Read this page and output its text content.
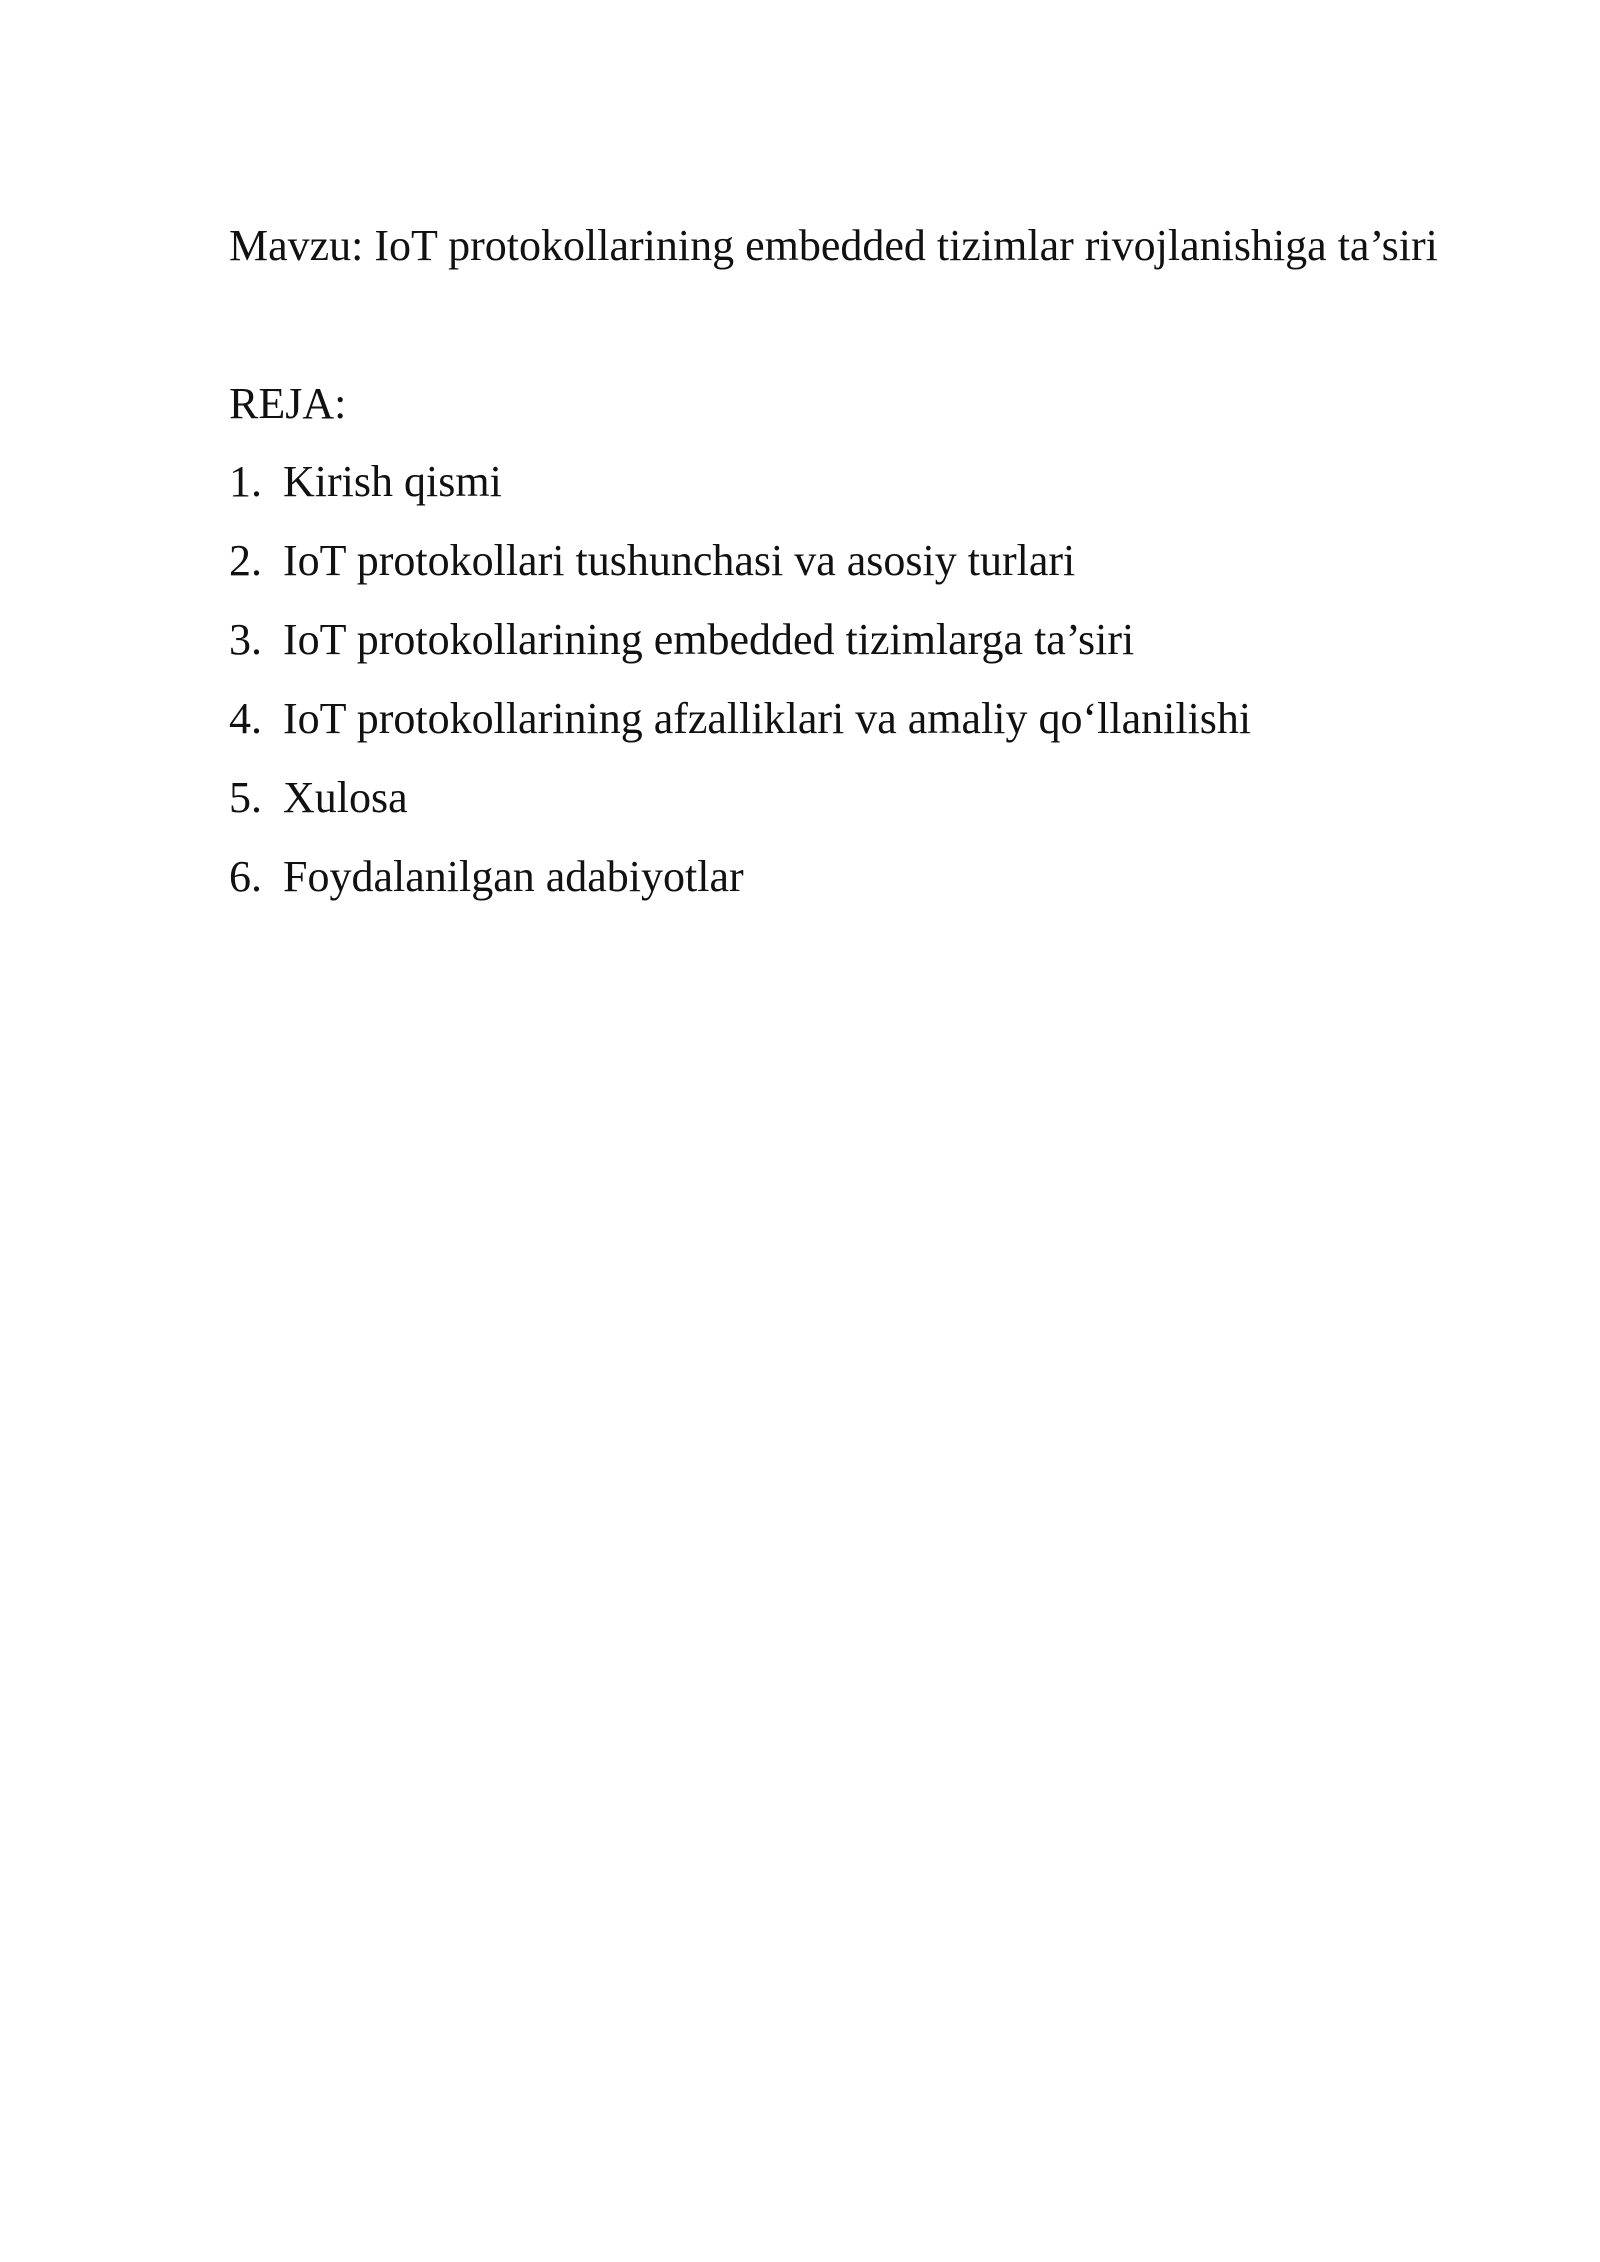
Mavzu: IoT protokollarining embedded tizimlar rivojlanishiga ta’siri
REJA:
1. Kirish qismi
2. IoT protokollari tushunchasi va asosiy turlari
3. IoT protokollarining embedded tizimlarga ta’siri
4. IoT protokollarining afzalliklari va amaliy qo‘llanilishi
5. Xulosa
6. Foydalanilgan adabiyotlar
